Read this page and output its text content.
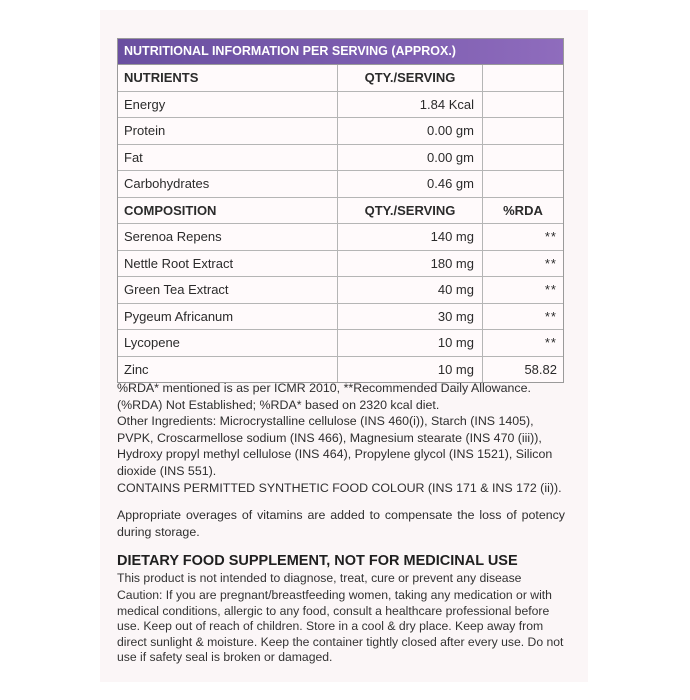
NUTRITIONAL INFORMATION PER SERVING (APPROX.)
NUTRIENTS	QTY./SERVING
Energy	1.84 Kcal
Protein	0.00 gm
Fat	0.00 gm
Carbohydrates	0.46 gm
COMPOSITION	QTY./SERVING	%RDA
Serenoa Repens	140 mg	**
Nettle Root Extract	180 mg	**
Green Tea Extract	40 mg	**
Pygeum Africanum	30 mg	**
Lycopene	10 mg	**
Zinc	10 mg	58.82

%RDA* mentioned is as per ICMR 2010, **Recommended Daily Allowance. (%RDA) Not Established; %RDA* based on 2320 kcal diet.

Other Ingredients: Microcrystalline cellulose (INS 460(i)), Starch (INS 1405), PVPK, Croscarmellose sodium (INS 466), Magnesium stearate (INS 470 (iii)), Hydroxy propyl methyl cellulose (INS 464), Propylene glycol (INS 1521), Silicon dioxide (INS 551).

CONTAINS PERMITTED SYNTHETIC FOOD COLOUR (INS 171 & INS 172 (ii)).

Appropriate overages of vitamins are added to compensate the loss of potency during storage.
DIETARY FOOD SUPPLEMENT, NOT FOR MEDICINAL USE
This product is not intended to diagnose, treat, cure or prevent any disease
Caution: If you are pregnant/breastfeeding women, taking any medication or with medical conditions, allergic to any food, consult a healthcare professional before use. Keep out of reach of children. Store in a cool & dry place. Keep away from direct sunlight & moisture. Keep the container tightly closed after every use. Do not use if safety seal is broken or damaged.
